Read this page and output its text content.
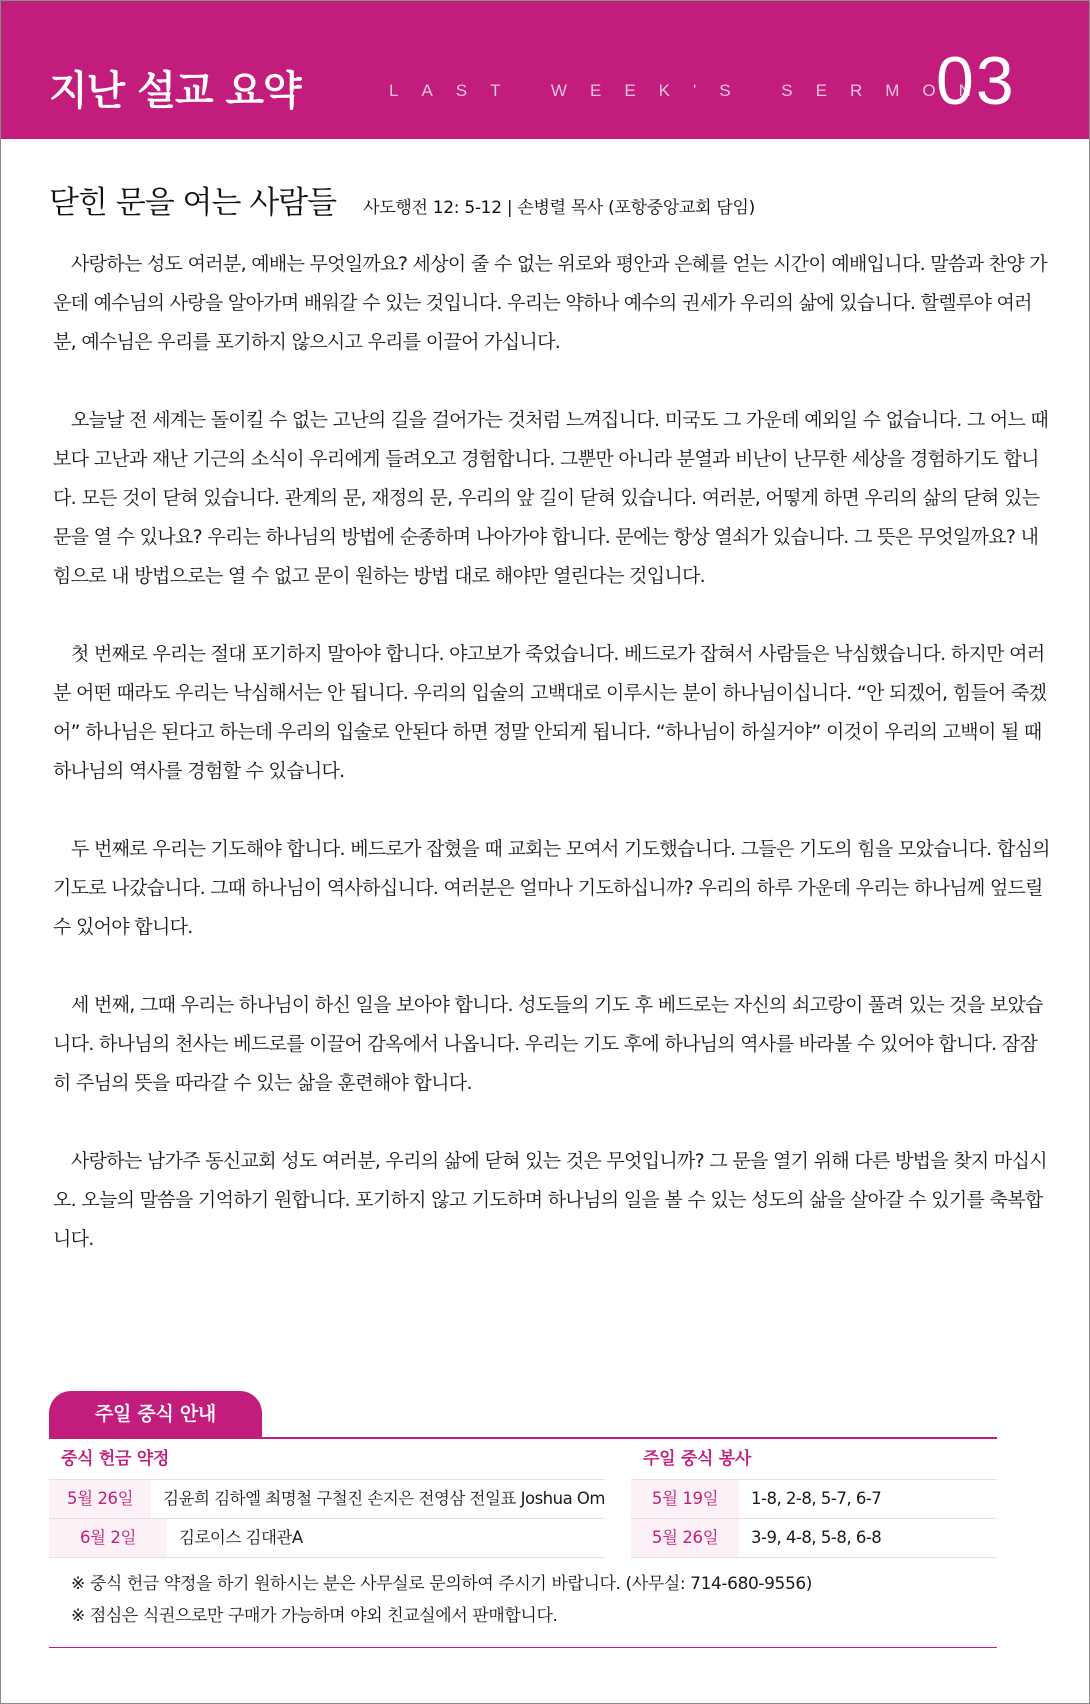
지난 설교 요약	LAST WEEK'S SERMON
03
닫힌 문을 여는 사람들 사도행전 12: 5-12 | 손병렬 목사 (포항중앙교회 담임)

사랑하는 성도 여러분, 예배는 무엇일까요? 세상이 줄 수 없는 위로와 평안과 은혜를 얻는 시간이 예배입니다. 말씀과 찬양 가운데 예수님의 사랑을 알아가며 배워갈 수 있는 것입니다. 우리는 약하나 예수의 권세가 우리의 삶에 있습니다. 할렐루야 여러분, 예수님은 우리를 포기하지 않으시고 우리를 이끌어 가십니다.

오늘날 전 세계는 돌이킬 수 없는 고난의 길을 걸어가는 것처럼 느껴집니다. 미국도 그 가운데 예외일 수 없습니다. 그 어느 때보다 고난과 재난 기근의 소식이 우리에게 들려오고 경험합니다. 그뿐만 아니라 분열과 비난이 난무한 세상을 경험하기도 합니다. 모든 것이 닫혀 있습니다. 관계의 문, 재정의 문, 우리의 앞 길이 닫혀 있습니다. 여러분, 어떻게 하면 우리의 삶의 닫혀 있는 문을 열 수 있나요? 우리는 하나님의 방법에 순종하며 나아가야 합니다. 문에는 항상 열쇠가 있습니다. 그 뜻은 무엇일까요? 내 힘으로 내 방법으로는 열 수 없고 문이 원하는 방법 대로 해야만 열린다는 것입니다.

첫 번째로 우리는 절대 포기하지 말아야 합니다. 야고보가 죽었습니다. 베드로가 잡혀서 사람들은 낙심했습니다. 하지만 여러분 어떤 때라도 우리는 낙심해서는 안 됩니다. 우리의 입술의 고백대로 이루시는 분이 하나님이십니다. “안 되겠어, 힘들어 죽겠어” 하나님은 된다고 하는데 우리의 입술로 안된다 하면 정말 안되게 됩니다. “하나님이 하실거야” 이것이 우리의 고백이 될 때 하나님의 역사를 경험할 수 있습니다.

두 번째로 우리는 기도해야 합니다. 베드로가 잡혔을 때 교회는 모여서 기도했습니다. 그들은 기도의 힘을 모았습니다. 합심의 기도로 나갔습니다. 그때 하나님이 역사하십니다. 여러분은 얼마나 기도하십니까? 우리의 하루 가운데 우리는 하나님께 엎드릴 수 있어야 합니다.

세 번째, 그때 우리는 하나님이 하신 일을 보아야 합니다. 성도들의 기도 후 베드로는 자신의 쇠고랑이 풀려 있는 것을 보았습니다. 하나님의 천사는 베드로를 이끌어 감옥에서 나옵니다. 우리는 기도 후에 하나님의 역사를 바라볼 수 있어야 합니다. 잠잠히 주님의 뜻을 따라갈 수 있는 삶을 훈련해야 합니다.

사랑하는 남가주 동신교회 성도 여러분, 우리의 삶에 닫혀 있는 것은 무엇입니까? 그 문을 열기 위해 다른 방법을 찾지 마십시오. 오늘의 말씀을 기억하기 원합니다. 포기하지 않고 기도하며 하나님의 일을 볼 수 있는 성도의 삶을 살아갈 수 있기를 축복합니다.

주일 중식 안내
중식 헌금 약정
5월 26일	김윤희 김하엘 최명철 구철진 손지은 전영삼 전일표 Joshua Om
6월 2일	김로이스 김대관A
주일 중식 봉사
5월 19일	1-8, 2-8, 5-7, 6-7
5월 26일	3-9, 4-8, 5-8, 6-8
※ 중식 헌금 약정을 하기 원하시는 분은 사무실로 문의하여 주시기 바랍니다. (사무실: 714-680-9556)
※ 점심은 식권으로만 구매가 가능하며 야외 친교실에서 판매합니다.
